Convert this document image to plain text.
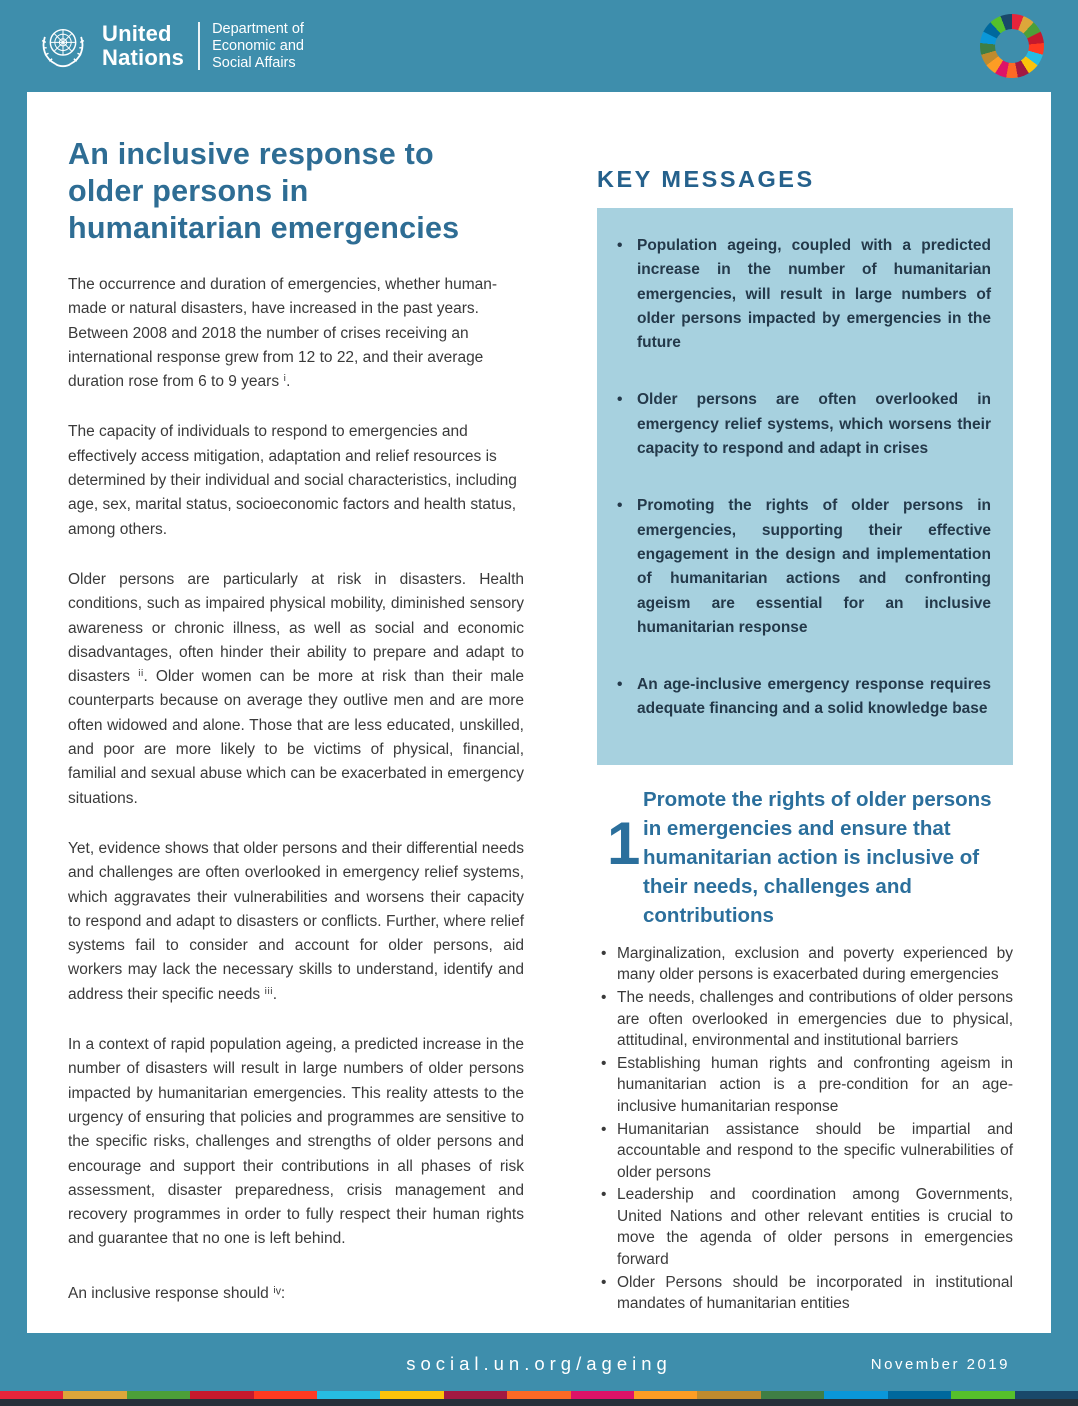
United
Nations
Department of
Economic and
Social Affairs
An inclusive response to older persons in humanitarian emergencies

The occurrence and duration of emergencies, whether human-made or natural disasters, have increased in the past years. Between 2008 and 2018 the number of crises receiving an international response grew from 12 to 22, and their average duration rose from 6 to 9 years ⁱ.

The capacity of individuals to respond to emergencies and effectively access mitigation, adaptation and relief resources is determined by their individual and social characteristics, including age, sex, marital status, socioeconomic factors and health status, among others.

Older persons are particularly at risk in disasters. Health conditions, such as impaired physical mobility, diminished sensory awareness or chronic illness, as well as social and economic disadvantages, often hinder their ability to prepare and adapt to disasters ⁱⁱ. Older women can be more at risk than their male counterparts because on average they outlive men and are more often widowed and alone. Those that are less educated, unskilled, and poor are more likely to be victims of physical, financial, familial and sexual abuse which can be exacerbated in emergency situations.

Yet, evidence shows that older persons and their differential needs and challenges are often overlooked in emergency relief systems, which aggravates their vulnerabilities and worsens their capacity to respond and adapt to disasters or conflicts. Further, where relief systems fail to consider and account for older persons, aid workers may lack the necessary skills to understand, identify and address their specific needs ⁱⁱⁱ.

In a context of rapid population ageing, a predicted increase in the number of disasters will result in large numbers of older persons impacted by humanitarian emergencies. This reality attests to the urgency of ensuring that policies and programmes are sensitive to the specific risks, challenges and strengths of older persons and encourage and support their contributions in all phases of risk assessment, disaster preparedness, crisis management and recovery programmes in order to fully respect their human rights and guarantee that no one is left behind.

An inclusive response should ⁱᵛ:

KEY MESSAGES
• Population ageing, coupled with a predicted increase in the number of humanitarian emergencies, will result in large numbers of older persons impacted by emergencies in the future
• Older persons are often overlooked in emergency relief systems, which worsens their capacity to respond and adapt in crises
• Promoting the rights of older persons in emergencies, supporting their effective engagement in the design and implementation of humanitarian actions and confronting ageism are essential for an inclusive humanitarian response
• An age-inclusive emergency response requires adequate financing and a solid knowledge base
1
Promote the rights of older persons in emergencies and ensure that humanitarian action is inclusive of their needs, challenges and contributions
• Marginalization, exclusion and poverty experienced by many older persons is exacerbated during emergencies
• The needs, challenges and contributions of older persons are often overlooked in emergencies due to physical, attitudinal, environmental and institutional barriers
• Establishing human rights and confronting ageism in humanitarian action is a pre-condition for an age-inclusive humanitarian response
• Humanitarian assistance should be impartial and accountable and respond to the specific vulnerabilities of older persons
• Leadership and coordination among Governments, United Nations and other relevant entities is crucial to move the agenda of older persons in emergencies forward
• Older Persons should be incorporated in institutional mandates of humanitarian entities
social.un.org/ageing	November 2019
